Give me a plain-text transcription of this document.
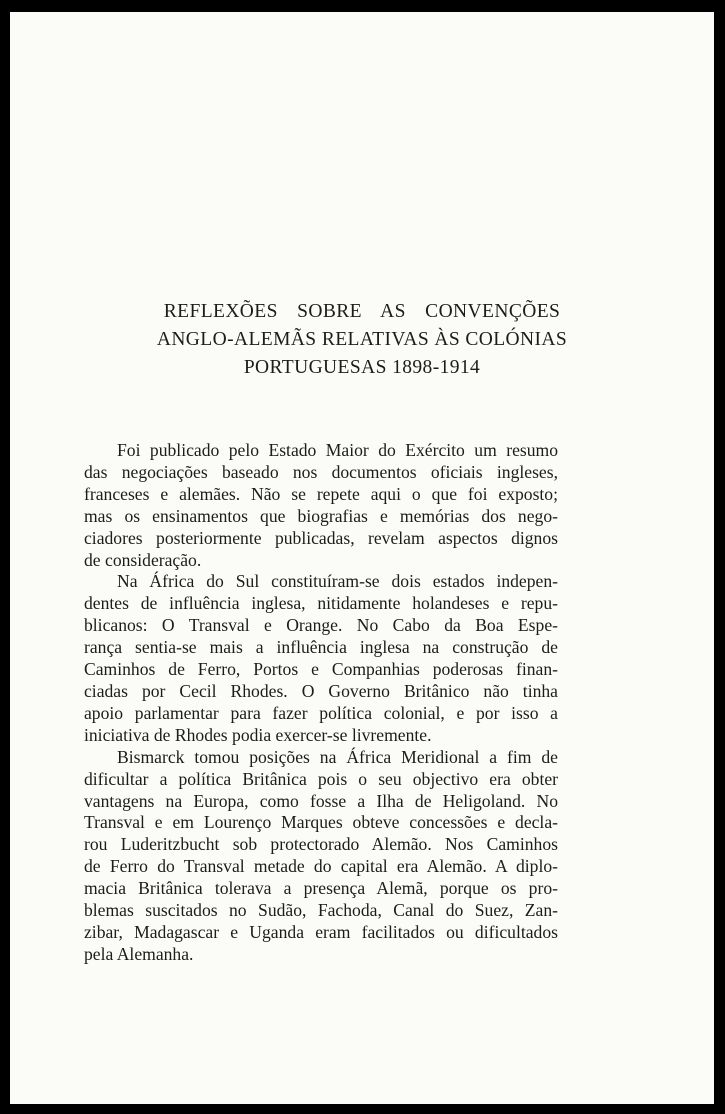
REFLEXÕES SOBRE AS CONVENÇÕES
ANGLO-ALEMÃS RELATIVAS ÀS COLÓNIAS
PORTUGUESAS 1898-1914
Foi publicado pelo Estado Maior do Exército um resumo
das negociações baseado nos documentos oficiais ingleses,
franceses e alemães. Não se repete aqui o que foi exposto;
mas os ensinamentos que biografias e memórias dos nego-
ciadores posteriormente publicadas, revelam aspectos dignos
de consideração.
Na África do Sul constituíram-se dois estados indepen-
dentes de influência inglesa, nitidamente holandeses e repu-
blicanos: O Transval e Orange. No Cabo da Boa Espe-
rança sentia-se mais a influência inglesa na construção de
Caminhos de Ferro, Portos e Companhias poderosas finan-
ciadas por Cecil Rhodes. O Governo Britânico não tinha
apoio parlamentar para fazer política colonial, e por isso a
iniciativa de Rhodes podia exercer-se livremente.
Bismarck tomou posições na África Meridional a fim de
dificultar a política Britânica pois o seu objectivo era obter
vantagens na Europa, como fosse a Ilha de Heligoland. No
Transval e em Lourenço Marques obteve concessões e decla-
rou Luderitzbucht sob protectorado Alemão. Nos Caminhos
de Ferro do Transval metade do capital era Alemão. A diplo-
macia Britânica tolerava a presença Alemã, porque os pro-
blemas suscitados no Sudão, Fachoda, Canal do Suez, Zan-
zibar, Madagascar e Uganda eram facilitados ou dificultados
pela Alemanha.
